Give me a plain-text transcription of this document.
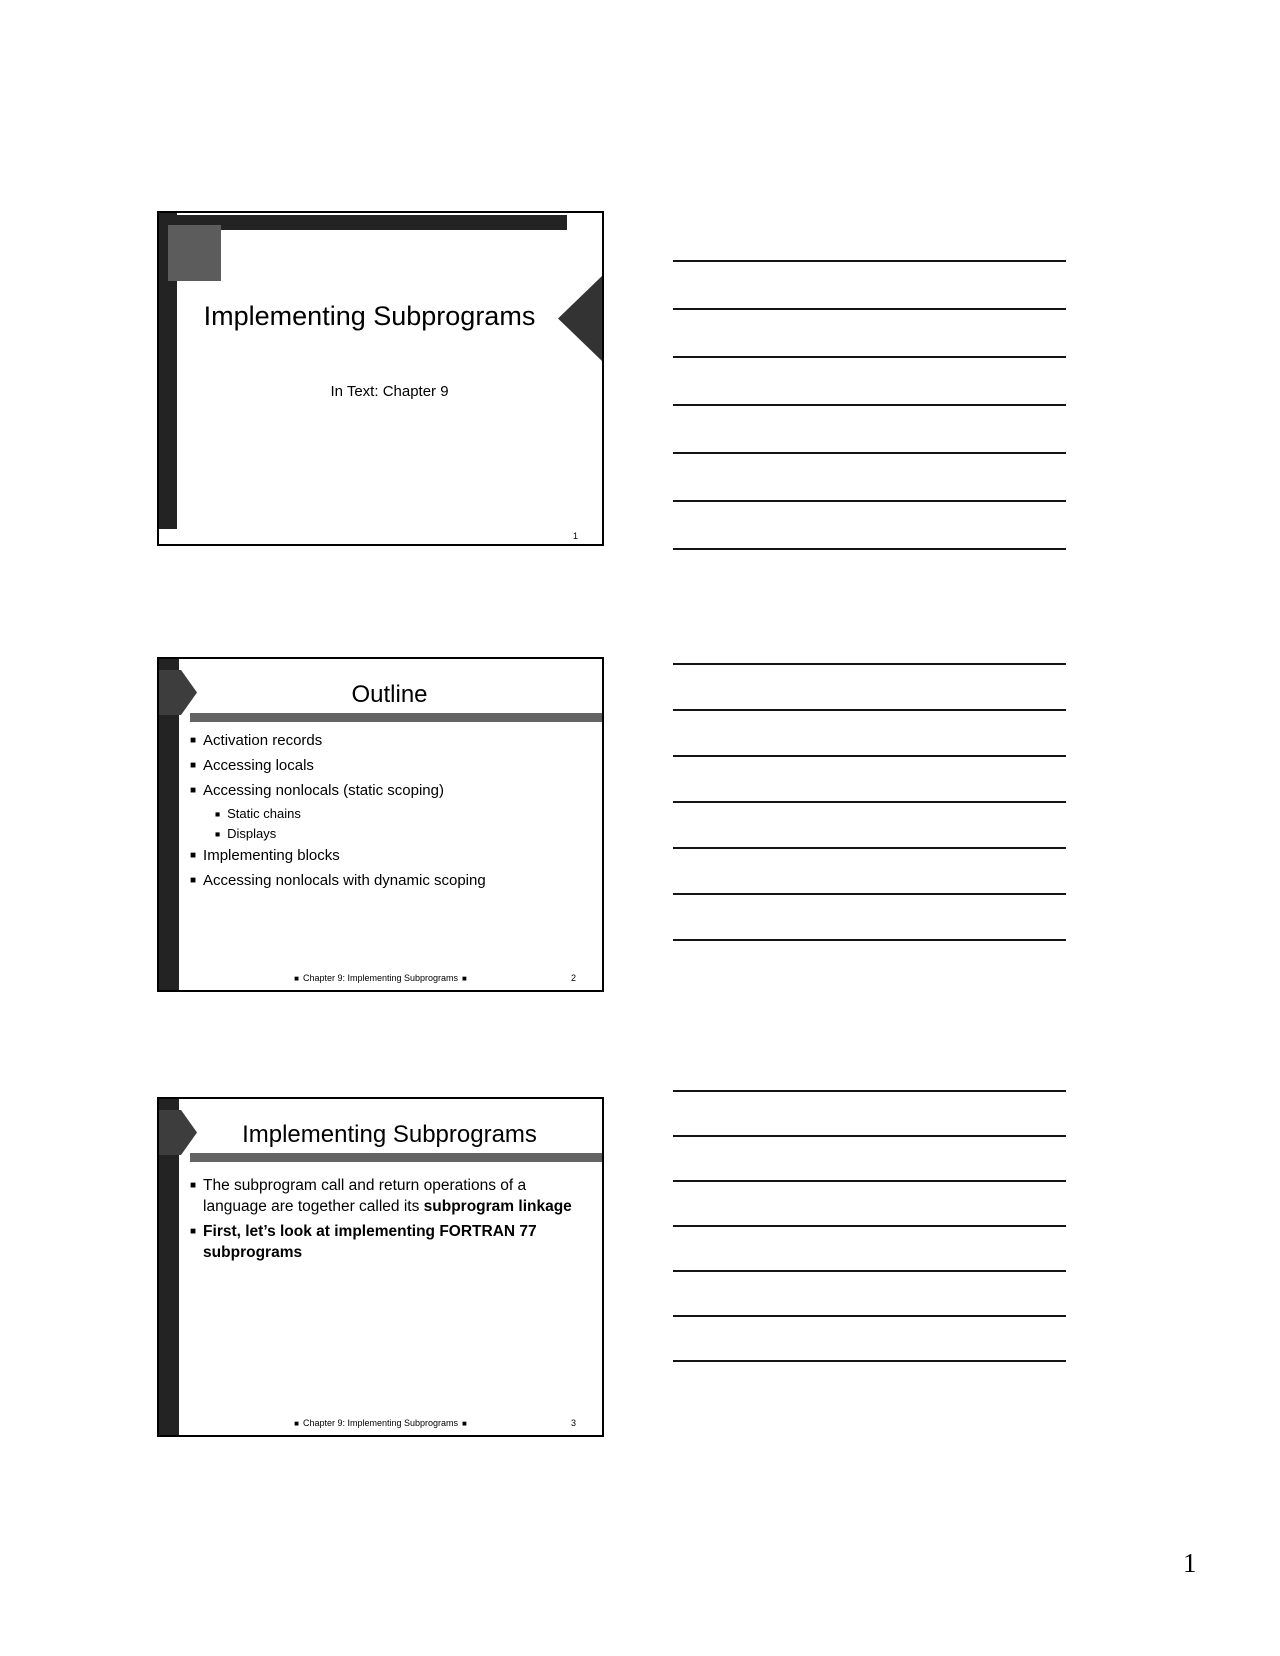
Implementing Subprograms
In Text: Chapter 9
1
Outline
■ Activation records
■ Accessing locals
■ Accessing nonlocals (static scoping)
■ Static chains
■ Displays
■ Implementing blocks
■ Accessing nonlocals with dynamic scoping
■ Chapter 9: Implementing Subprograms ■	2
Implementing Subprograms
■ The subprogram call and return operations of a language are together called its subprogram linkage
■ First, let’s look at implementing FORTRAN 77 subprograms
■ Chapter 9: Implementing Subprograms ■	3
1
